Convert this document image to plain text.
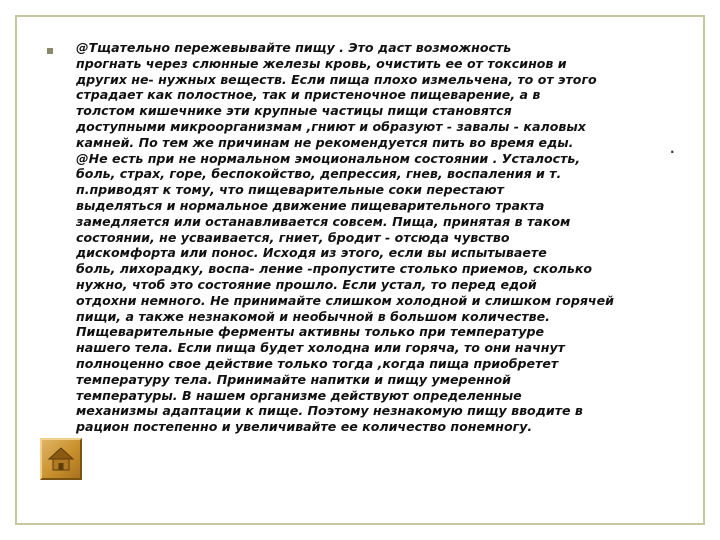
@Тщательно пережевывайте пищу . Это даст возможность
прогнать через слюнные железы кровь, очистить ее от токсинов и
других не- нужных веществ. Если пища плохо измельчена, то от этого
страдает как полостное, так и пристеночное пищеварение, а в
толстом кишечнике эти крупные частицы пищи становятся
доступными микроорганизмам ,гниют и образуют - завалы - каловых
камней. По тем же причинам не рекомендуется пить во время еды.
@Не есть при не нормальном эмоциональном состоянии . Усталость,
боль, страх, горе, беспокойство, депрессия, гнев, воспаления и т.
п.приводят к тому, что пищеварительные соки перестают
выделяться и нормальное движение пищеварительного тракта
замедляется или останавливается совсем. Пища, принятая в таком
состоянии, не усваивается, гниет, бродит - отсюда чувство
дискомфорта или понос. Исходя из этого, если вы испытываете
боль, лихорадку, воспа- ление -пропустите столько приемов, сколько
нужно, чтоб это состояние прошло. Если устал, то перед едой
отдохни немного. Не принимайте слишком холодной и слишком горячей
пищи, а также незнакомой и необычной в большом количестве.
Пищеварительные ферменты активны только при температуре
нашего тела. Если пища будет холодна или горяча, то они начнут
полноценно свое действие только тогда ,когда пища приобретет
температуру тела. Принимайте напитки и пищу умеренной
температуры. В нашем организме действуют определенные
механизмы адаптации к пище. Поэтому незнакомую пищу вводите в
рацион постепенно и увеличивайте ее количество понемногу.
.
